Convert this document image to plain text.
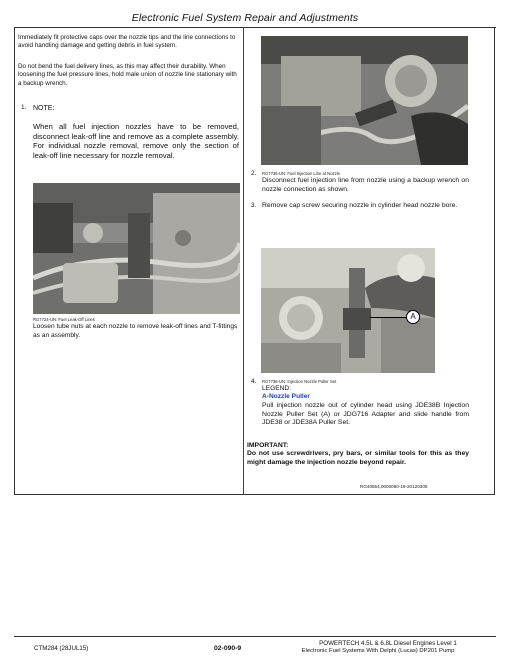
Electronic Fuel System Repair and Adjustments
Immediately fit protective caps over the nozzle tips and the line connections to avoid handling damage and getting debris in fuel system.
Do not bend the fuel delivery lines, as this may affect their durability. When loosening the fuel pressure lines, hold male union of nozzle line stationary with a backup wrench.
1. NOTE:
When all fuel injection nozzles have to be removed, disconnect leak-off line and remove as a complete assembly. For individual nozzle removal, remove only the section of leak-off line necessary for nozzle removal.
RG7724-UN: Fuel Leak-Off Lines
Loosen tube nuts at each nozzle to remove leak-off lines and T-fittings as an assembly.
RG7735-UN: Fuel Injection Line at Nozzle
2.
Disconnect fuel injection line from nozzle using a backup wrench on nozzle connection as shown.
3. Remove cap screw securing nozzle in cylinder head nozzle bore.
A
4. RG7736-UN: Injection Nozzle Puller Set
LEGEND:
A-Nozzle Puller
Pull injection nozzle out of cylinder head using JDE38B Injection Nozzle Puller Set (A) or JDG716 Adapter and slide handle from JDE38 or JDE38A Puller Set.
IMPORTANT:
Do not use screwdrivers, pry bars, or similar tools for this as they might damage the injection nozzle beyond repair.
RG40854,0000060-19-20120308
CTM284 (28JUL15)	02-090-9
POWERTECH 4.5L & 6.8L Diesel Engines Level 1
Electronic Fuel Systems With Delphi (Lucas) DP201 Pump
